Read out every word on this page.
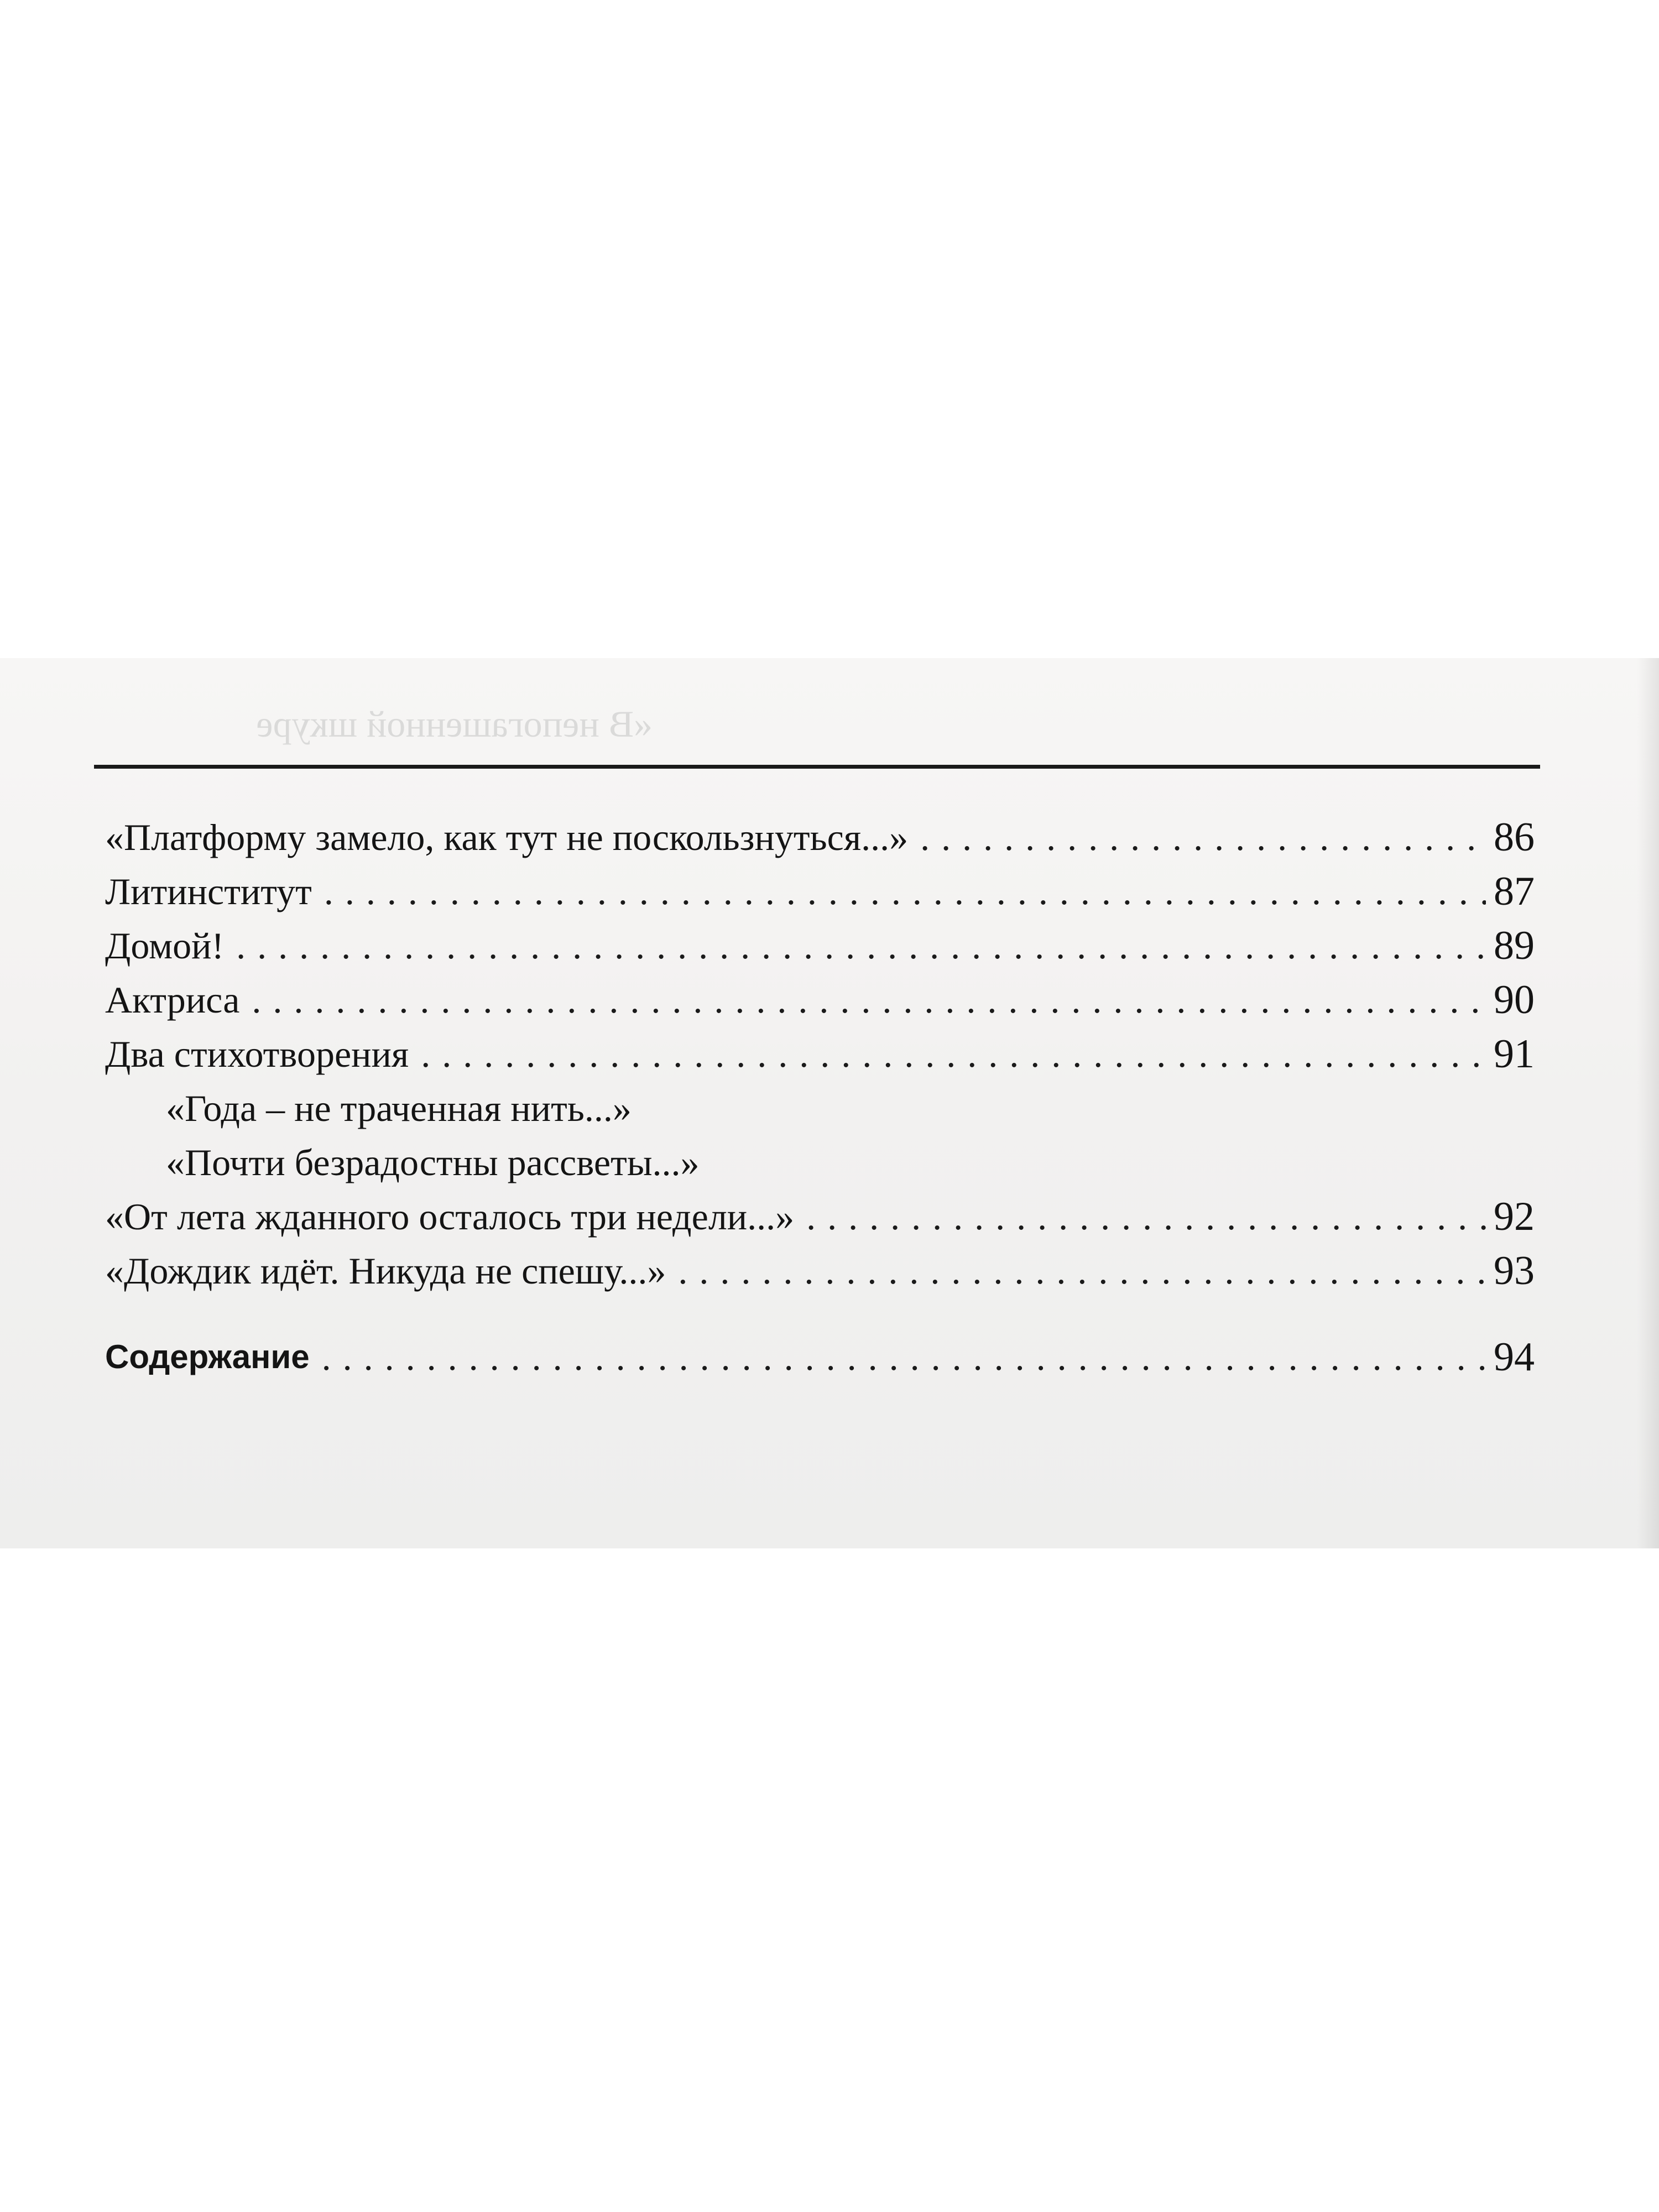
«В непогашенной шкуре
«Платформу замело, как тут не поскользнуться...» . . .	86
Литинститут . . .	87
Домой! . . .	89
Актриса . . .	90
Два стихотворения . . .	91
«Года – не траченная нить...»
«Почти безрадостны рассветы...»
«От лета жданного осталось три недели...» . . .	92
«Дождик идёт. Никуда не спешу...» . . .	93
Содержание . . .	94
